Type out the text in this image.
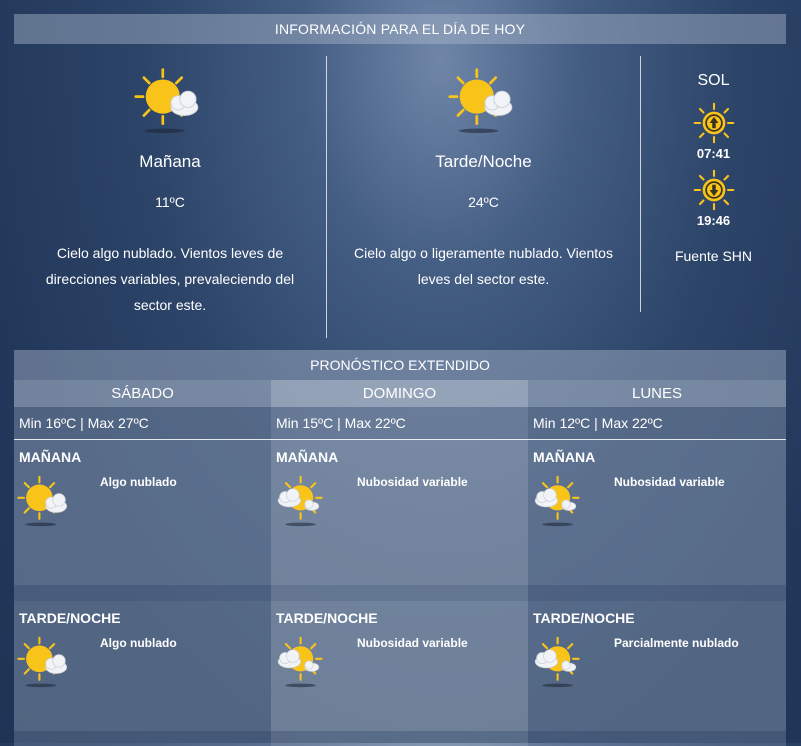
INFORMACIÓN PARA EL DÍA DE HOY
Mañana
11ºC
Cielo algo nublado. Vientos leves de
direcciones variables, prevaleciendo del
sector este.
Tarde/Noche
24ºC
Cielo algo o ligeramente nublado. Vientos
leves del sector este.
SOL
07:41
19:46
Fuente SHN
PRONÓSTICO EXTENDIDO
SÁBADO
Min 16ºC | Max 27ºC
MAÑANA
Algo nublado
TARDE/NOCHE
Algo nublado
DOMINGO
Min 15ºC | Max 22ºC
MAÑANA
Nubosidad variable
TARDE/NOCHE
Nubosidad variable
LUNES
Min 12ºC | Max 22ºC
MAÑANA
Nubosidad variable
TARDE/NOCHE
Parcialmente nublado
